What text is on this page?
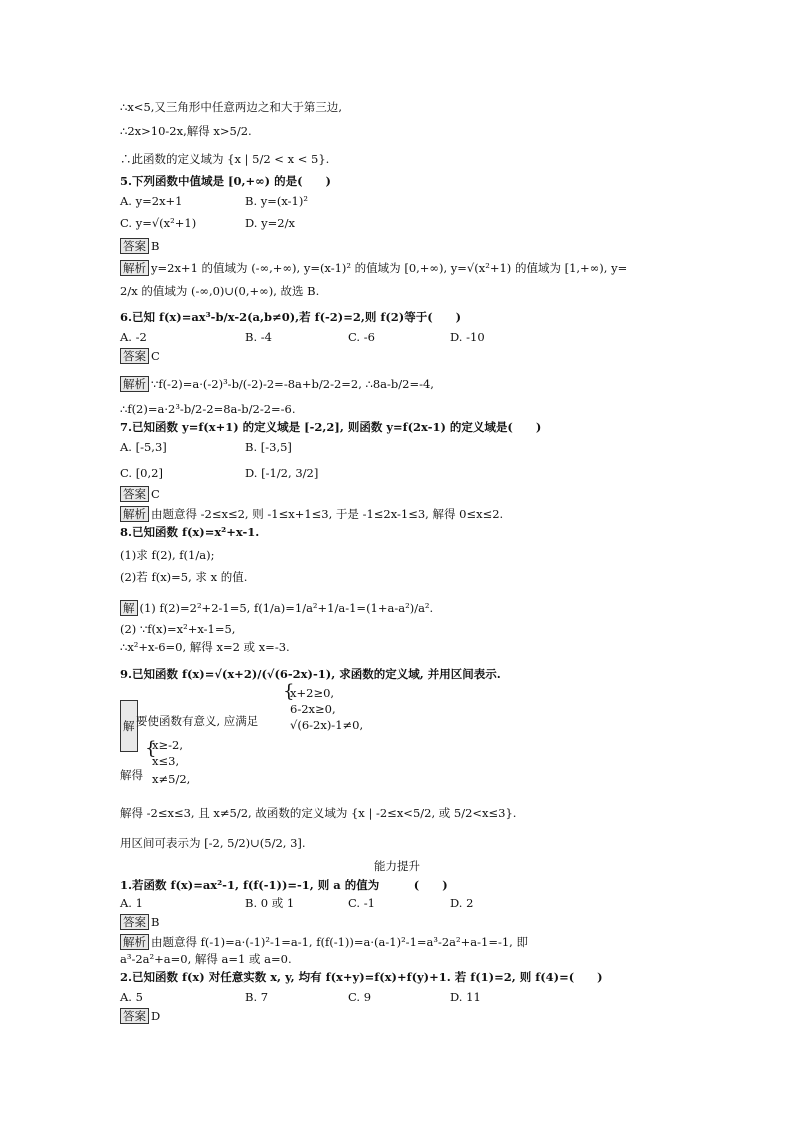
∴x<5,又三角形中任意两边之和大于第三边,
∴2x>10-2x,解得 x>5/2.
∴此函数的定义域为 {x | 5/2 < x < 5}.
5.下列函数中值域是 [0,+∞) 的是(　　)
A. y=2x+1	B. y=(x-1)²
C. y=√(x²+1)	D. y=2/x
答案 B
解析 y=2x+1 的值域为 (-∞,+∞), y=(x-1)² 的值域为 [0,+∞), y=√(x²+1) 的值域为 [1,+∞), y=
2/x 的值域为 (-∞,0)∪(0,+∞), 故选 B.
6.已知 f(x)=ax³-b/x-2(a,b≠0),若 f(-2)=2,则 f(2)等于(　　)
A. -2	B. -4	C. -6	D. -10
答案 C
解析 ∵f(-2)=a·(-2)³-b/(-2)-2=-8a+b/2-2=2, ∴8a-b/2=-4,
∴f(2)=a·2³-b/2-2=8a-b/2-2=-6.
7.已知函数 y=f(x+1) 的定义域是 [-2,2], 则函数 y=f(2x-1) 的定义域是(　　)
A. [-5,3]	B. [-3,5]
C. [0,2]	D. [-1/2, 3/2]
答案 C
解析 由题意得 -2≤x≤2, 则 -1≤x+1≤3, 于是 -1≤2x-1≤3, 解得 0≤x≤2.
8.已知函数 f(x)=x²+x-1.
(1)求 f(2), f(1/a);
(2)若 f(x)=5, 求 x 的值.
解 (1) f(2)=2²+2-1=5, f(1/a)=1/a²+1/a-1=(1+a-a²)/a².
(2) ∵f(x)=x²+x-1=5,
∴x²+x-6=0, 解得 x=2 或 x=-3.
9.已知函数 f(x)=√(x+2)/(√(6-2x)-1), 求函数的定义域, 并用区间表示.
解 要使函数有意义, 应满足
{
x+2≥0,
6-2x≥0,
√(6-2x)-1≠0,
解得
{
x≥-2,
x≤3,
x≠5/2,
解得 -2≤x≤3, 且 x≠5/2, 故函数的定义域为 {x | -2≤x<5/2, 或 5/2<x≤3}.
用区间可表示为 [-2, 5/2)∪(5/2, 3].
能力提升
1.若函数 f(x)=ax²-1, f(f(-1))=-1, 则 a 的值为　　　(　　)
A. 1	B. 0 或 1	C. -1	D. 2
答案 B
解析 由题意得 f(-1)=a·(-1)²-1=a-1, f(f(-1))=a·(a-1)²-1=a³-2a²+a-1=-1, 即
a³-2a²+a=0, 解得 a=1 或 a=0.
2.已知函数 f(x) 对任意实数 x, y, 均有 f(x+y)=f(x)+f(y)+1. 若 f(1)=2, 则 f(4)=(　　)
A. 5	B. 7	C. 9	D. 11
答案 D
